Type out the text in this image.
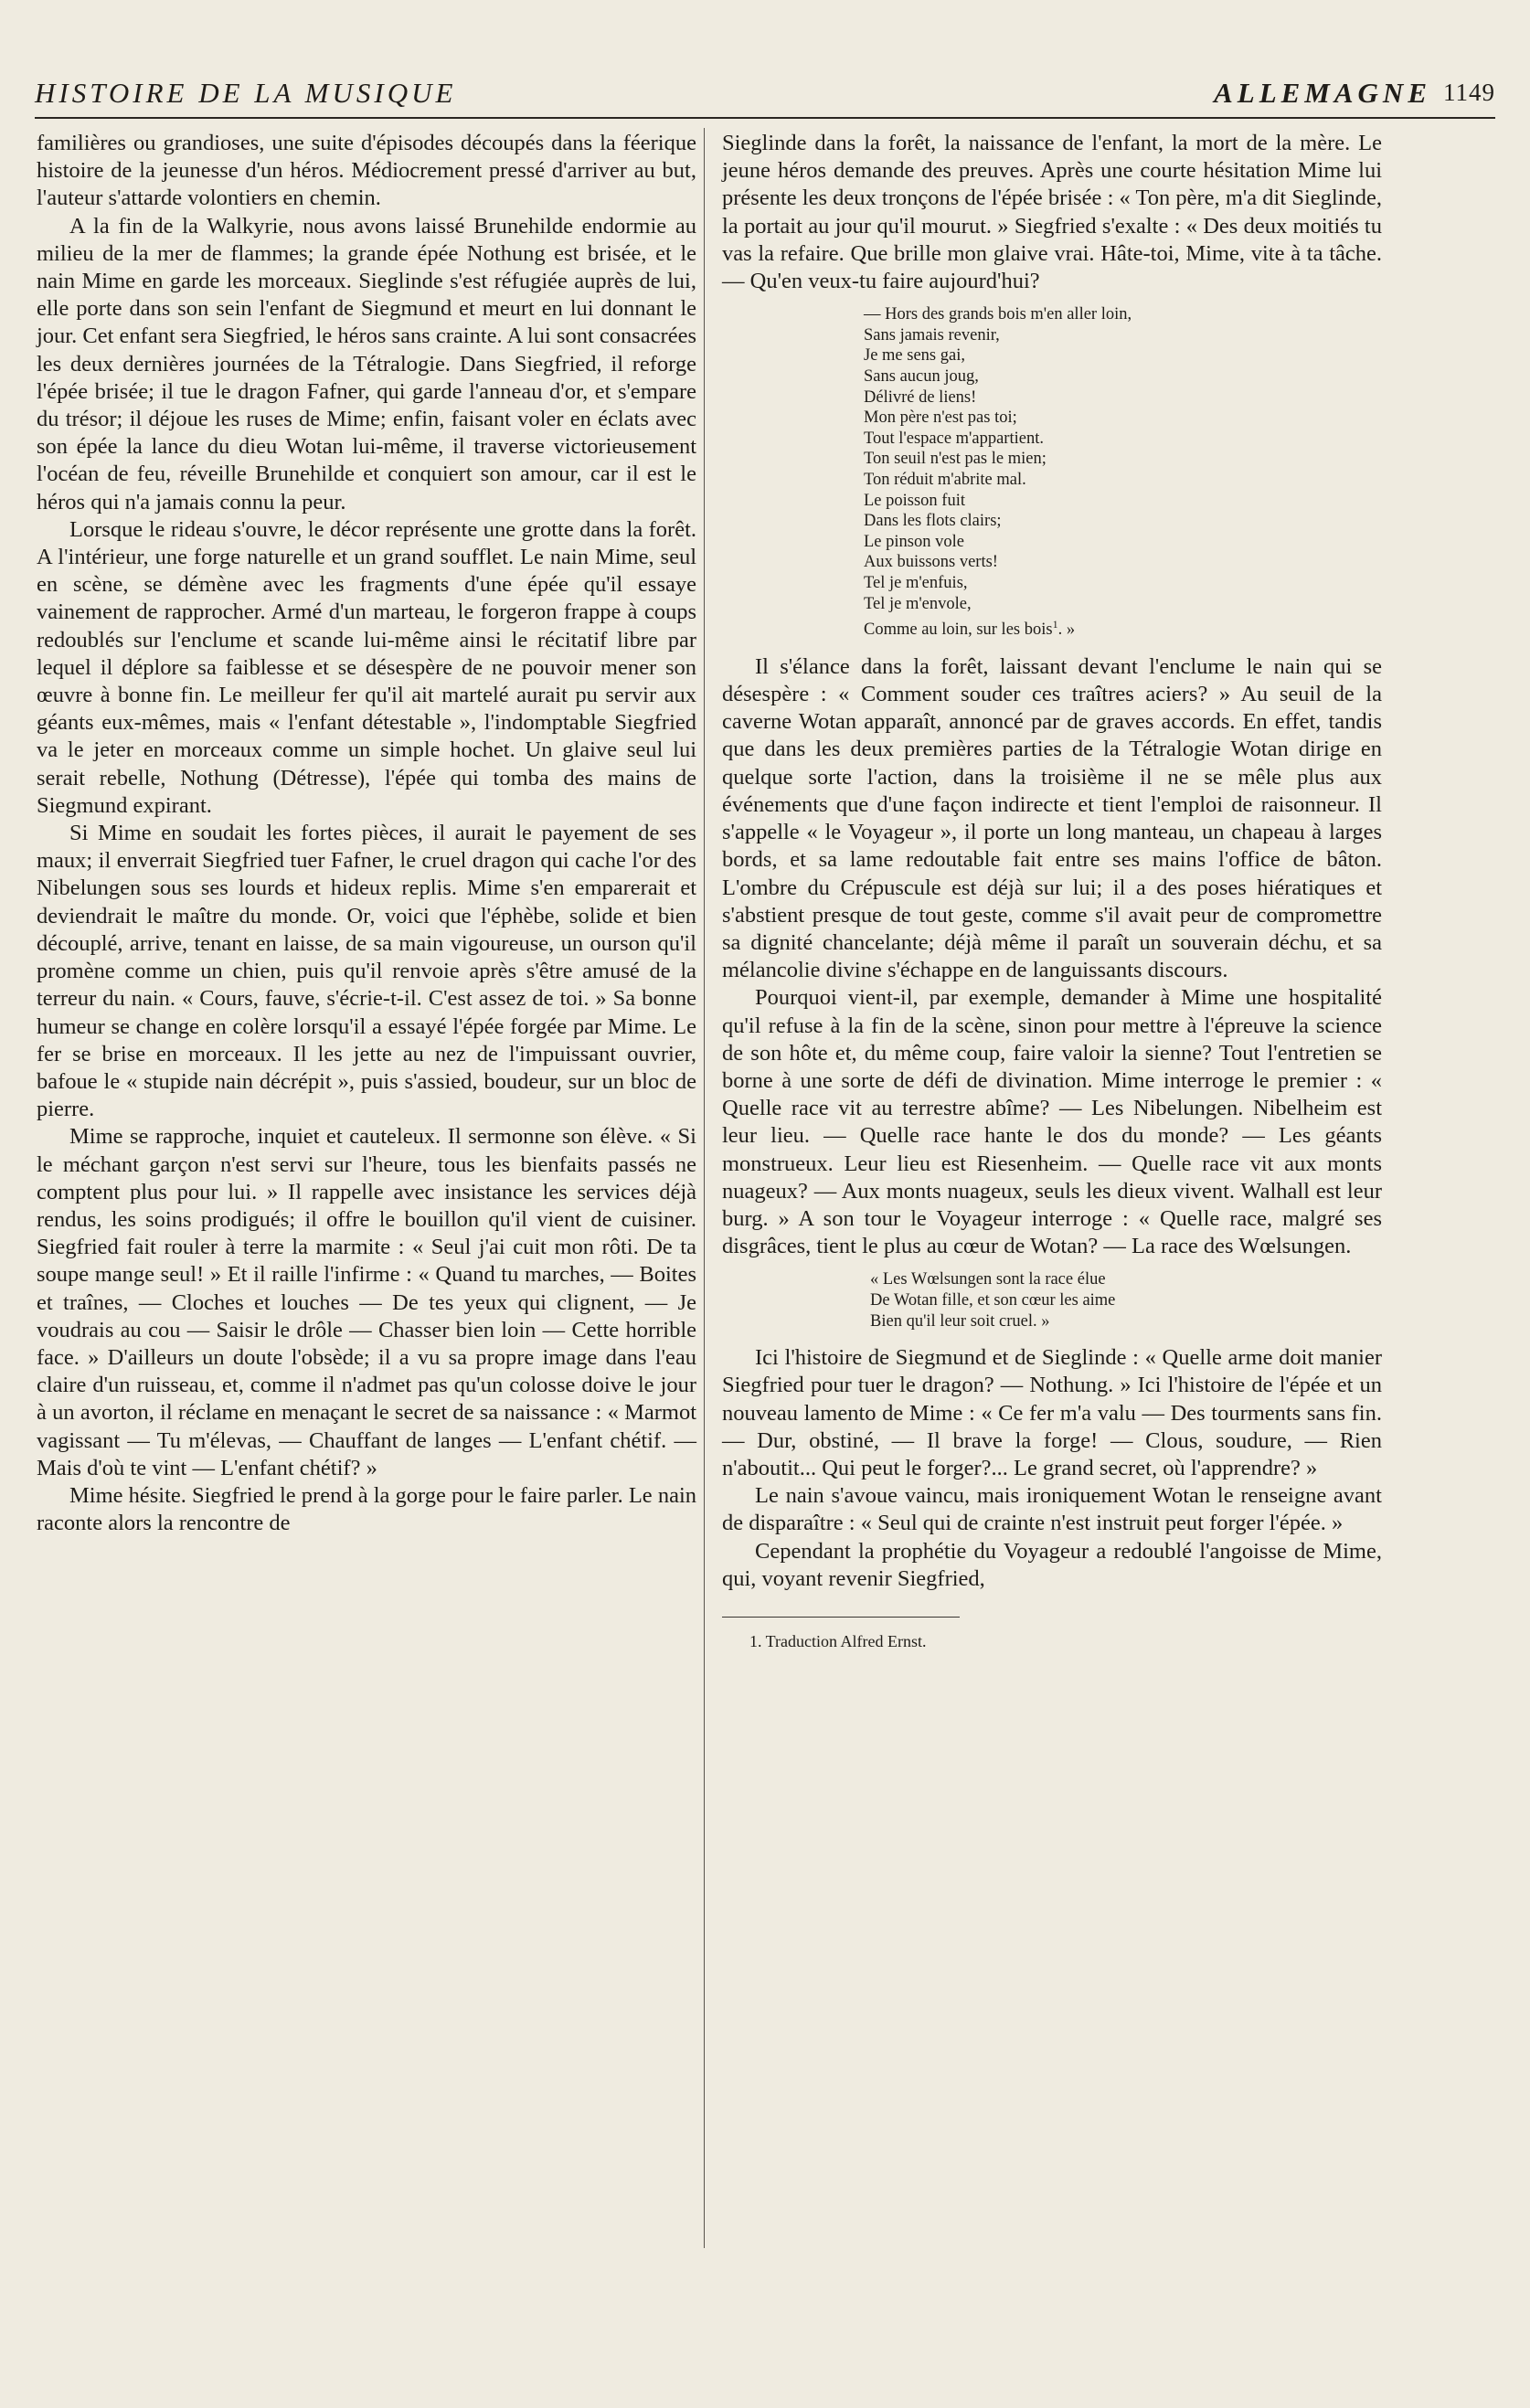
HISTOIRE DE LA MUSIQUE	ALLEMAGNE 1149

familières ou grandioses, une suite d'épisodes découpés dans la féerique histoire de la jeunesse d'un héros. Médiocrement pressé d'arriver au but, l'auteur s'attarde volontiers en chemin.

A la fin de la Walkyrie, nous avons laissé Brunehilde endormie au milieu de la mer de flammes; la grande épée Nothung est brisée, et le nain Mime en garde les morceaux. Sieglinde s'est réfugiée auprès de lui, elle porte dans son sein l'enfant de Siegmund et meurt en lui donnant le jour. Cet enfant sera Siegfried, le héros sans crainte. A lui sont consacrées les deux dernières journées de la Tétralogie. Dans Siegfried, il reforge l'épée brisée; il tue le dragon Fafner, qui garde l'anneau d'or, et s'empare du trésor; il déjoue les ruses de Mime; enfin, faisant voler en éclats avec son épée la lance du dieu Wotan lui-même, il traverse victorieusement l'océan de feu, réveille Brunehilde et conquiert son amour, car il est le héros qui n'a jamais connu la peur.

Lorsque le rideau s'ouvre, le décor représente une grotte dans la forêt. A l'intérieur, une forge naturelle et un grand soufflet. Le nain Mime, seul en scène, se démène avec les fragments d'une épée qu'il essaye vainement de rapprocher. Armé d'un marteau, le forgeron frappe à coups redoublés sur l'enclume et scande lui-même ainsi le récitatif libre par lequel il déplore sa faiblesse et se désespère de ne pouvoir mener son œuvre à bonne fin. Le meilleur fer qu'il ait martelé aurait pu servir aux géants eux-mêmes, mais « l'enfant détestable », l'indomptable Siegfried va le jeter en morceaux comme un simple hochet. Un glaive seul lui serait rebelle, Nothung (Détresse), l'épée qui tomba des mains de Siegmund expirant.

Si Mime en soudait les fortes pièces, il aurait le payement de ses maux; il enverrait Siegfried tuer Fafner, le cruel dragon qui cache l'or des Nibelungen sous ses lourds et hideux replis. Mime s'en emparerait et deviendrait le maître du monde. Or, voici que l'éphèbe, solide et bien découplé, arrive, tenant en laisse, de sa main vigoureuse, un ourson qu'il promène comme un chien, puis qu'il renvoie après s'être amusé de la terreur du nain. « Cours, fauve, s'écrie-t-il. C'est assez de toi. » Sa bonne humeur se change en colère lorsqu'il a essayé l'épée forgée par Mime. Le fer se brise en morceaux. Il les jette au nez de l'impuissant ouvrier, bafoue le « stupide nain décrépit », puis s'assied, boudeur, sur un bloc de pierre.

Mime se rapproche, inquiet et cauteleux. Il sermonne son élève. « Si le méchant garçon n'est servi sur l'heure, tous les bienfaits passés ne comptent plus pour lui. » Il rappelle avec insistance les services déjà rendus, les soins prodigués; il offre le bouillon qu'il vient de cuisiner. Siegfried fait rouler à terre la marmite : « Seul j'ai cuit mon rôti. De ta soupe mange seul! » Et il raille l'infirme : « Quand tu marches, — Boites et traînes, — Cloches et louches — De tes yeux qui clignent, — Je voudrais au cou — Saisir le drôle — Chasser bien loin — Cette horrible face. » D'ailleurs un doute l'obsède; il a vu sa propre image dans l'eau claire d'un ruisseau, et, comme il n'admet pas qu'un colosse doive le jour à un avorton, il réclame en menaçant le secret de sa naissance : « Marmot vagissant — Tu m'élevas, — Chauffant de langes — L'enfant chétif. — Mais d'où te vint — L'enfant chétif? »

Mime hésite. Siegfried le prend à la gorge pour le faire parler. Le nain raconte alors la rencontre de

Sieglinde dans la forêt, la naissance de l'enfant, la mort de la mère. Le jeune héros demande des preuves. Après une courte hésitation Mime lui présente les deux tronçons de l'épée brisée : « Ton père, m'a dit Sieglinde, la portait au jour qu'il mourut. » Siegfried s'exalte : « Des deux moitiés tu vas la refaire. Que brille mon glaive vrai. Hâte-toi, Mime, vite à ta tâche. — Qu'en veux-tu faire aujourd'hui?

— Hors des grands bois m'en aller loin,
Sans jamais revenir,
Je me sens gai,
Sans aucun joug,
Délivré de liens!
Mon père n'est pas toi;
Tout l'espace m'appartient.
Ton seuil n'est pas le mien;
Ton réduit m'abrite mal.
Le poisson fuit
Dans les flots clairs;
Le pinson vole
Aux buissons verts!
Tel je m'enfuis,
Tel je m'envole,
Comme au loin, sur les bois$^1$. »

Il s'élance dans la forêt, laissant devant l'enclume le nain qui se désespère : « Comment souder ces traîtres aciers? » Au seuil de la caverne Wotan apparaît, annoncé par de graves accords. En effet, tandis que dans les deux premières parties de la Tétralogie Wotan dirige en quelque sorte l'action, dans la troisième il ne se mêle plus aux événements que d'une façon indirecte et tient l'emploi de raisonneur. Il s'appelle « le Voyageur », il porte un long manteau, un chapeau à larges bords, et sa lame redoutable fait entre ses mains l'office de bâton. L'ombre du Crépuscule est déjà sur lui; il a des poses hiératiques et s'abstient presque de tout geste, comme s'il avait peur de compromettre sa dignité chancelante; déjà même il paraît un souverain déchu, et sa mélancolie divine s'échappe en de languissants discours.

Pourquoi vient-il, par exemple, demander à Mime une hospitalité qu'il refuse à la fin de la scène, sinon pour mettre à l'épreuve la science de son hôte et, du même coup, faire valoir la sienne? Tout l'entretien se borne à une sorte de défi de divination. Mime interroge le premier : « Quelle race vit au terrestre abîme? — Les Nibelungen. Nibelheim est leur lieu. — Quelle race hante le dos du monde? — Les géants monstrueux. Leur lieu est Riesenheim. — Quelle race vit aux monts nuageux? — Aux monts nuageux, seuls les dieux vivent. Walhall est leur burg. » A son tour le Voyageur interroge : « Quelle race, malgré ses disgrâces, tient le plus au cœur de Wotan? — La race des Wœlsungen.

« Les Wœlsungen sont la race élue
De Wotan fille, et son cœur les aime
Bien qu'il leur soit cruel. »

Ici l'histoire de Siegmund et de Sieglinde : « Quelle arme doit manier Siegfried pour tuer le dragon? — Nothung. » Ici l'histoire de l'épée et un nouveau lamento de Mime : « Ce fer m'a valu — Des tourments sans fin. — Dur, obstiné, — Il brave la forge! — Clous, soudure, — Rien n'aboutit... Qui peut le forger?... Le grand secret, où l'apprendre? »

Le nain s'avoue vaincu, mais ironiquement Wotan le renseigne avant de disparaître : « Seul qui de crainte n'est instruit peut forger l'épée. »

Cependant la prophétie du Voyageur a redoublé l'angoisse de Mime, qui, voyant revenir Siegfried,

1. Traduction Alfred Ernst.
